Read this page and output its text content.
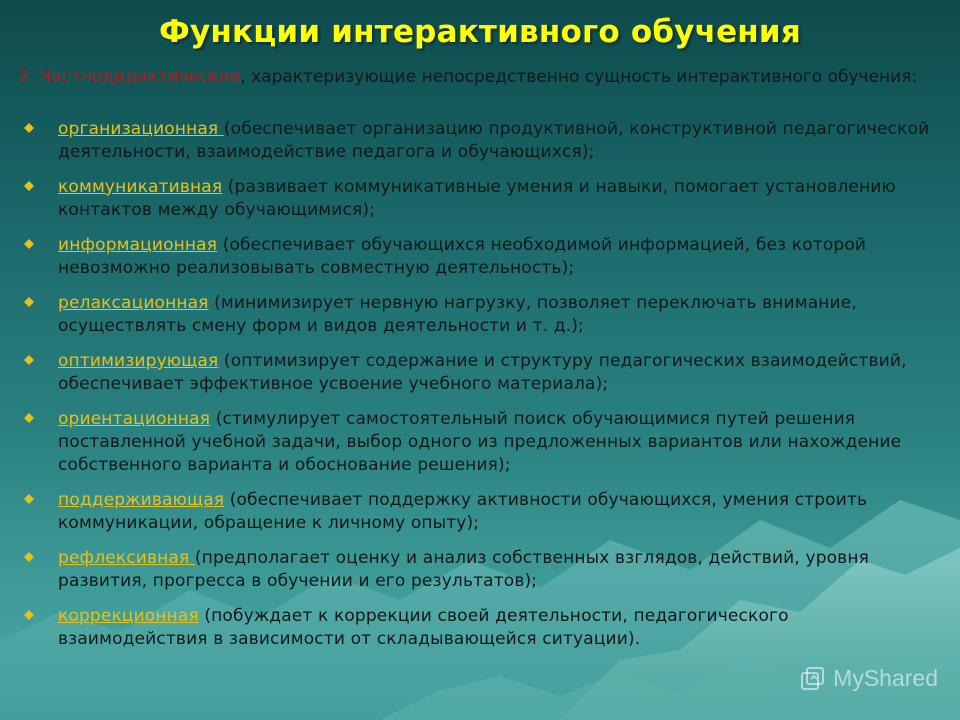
Функции интерактивного обучения

2. Частнодидактические, характеризующие непосредственно сущность интерактивного обучения:

организационная (обеспечивает организацию продуктивной, конструктивной педагогической деятельности, взаимодействие педагога и обучающихся);
коммуникативная (развивает коммуникативные умения и навыки, помогает установлению контактов между обучающимися);
информационная (обеспечивает обучающихся необходимой информацией, без которой невозможно реализовывать совместную деятельность);
релаксационная (минимизирует нервную нагрузку, позволяет переключать внимание, осуществлять смену форм и видов деятельности и т. д.);
оптимизирующая (оптимизирует содержание и структуру педагогических взаимодействий, обеспечивает эффективное усвоение учебного материала);
ориентационная (стимулирует самостоятельный поиск обучающимися путей решения поставленной учебной задачи, выбор одного из предложенных вариантов или нахождение собственного варианта и обоснование решения);
поддерживающая (обеспечивает поддержку активности обучающихся, умения строить коммуникации, обращение к личному опыту);
рефлексивная (предполагает оценку и анализ собственных взглядов, действий, уровня развития, прогресса в обучении и его результатов);
коррекционная (побуждает к коррекции своей деятельности, педагогического взаимодействия в зависимости от складывающейся ситуации).
MyShared
